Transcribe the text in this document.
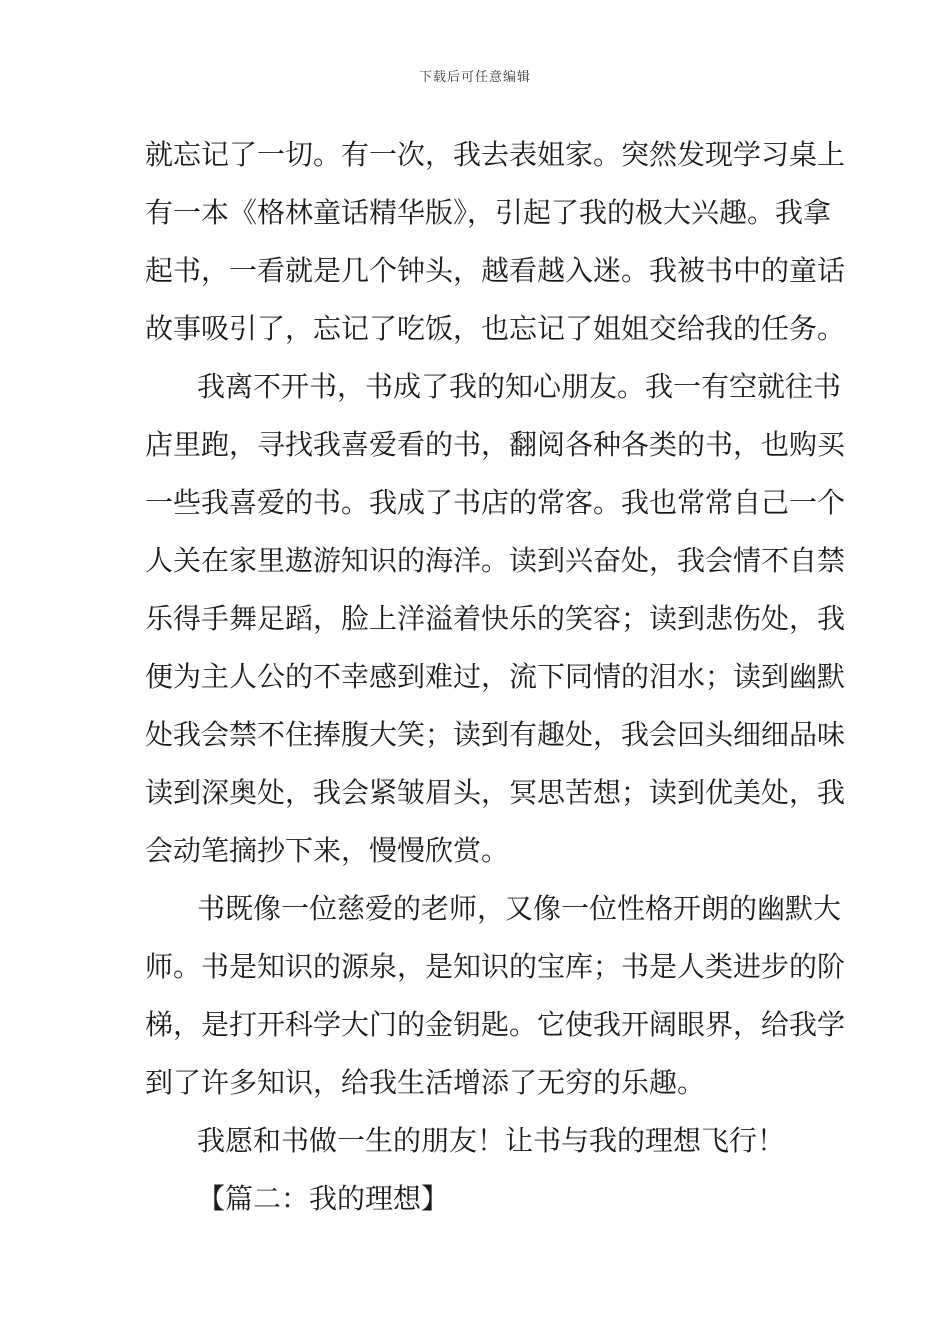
下载后可任意编辑
就忘记了一切。有一次，我去表姐家。突然发现学习桌上
有一本《格林童话精华版》，引起了我的极大兴趣。我拿
起书，一看就是几个钟头，越看越入迷。我被书中的童话
故事吸引了，忘记了吃饭，也忘记了姐姐交给我的任务。
我离不开书，书成了我的知心朋友。我一有空就往书
店里跑，寻找我喜爱看的书，翻阅各种各类的书，也购买
一些我喜爱的书。我成了书店的常客。我也常常自己一个
人关在家里遨游知识的海洋。读到兴奋处，我会情不自禁
乐得手舞足蹈，脸上洋溢着快乐的笑容；读到悲伤处，我
便为主人公的不幸感到难过，流下同情的泪水；读到幽默
处我会禁不住捧腹大笑；读到有趣处，我会回头细细品味
读到深奥处，我会紧皱眉头，冥思苦想；读到优美处，我
会动笔摘抄下来，慢慢欣赏。
书既像一位慈爱的老师，又像一位性格开朗的幽默大
师。书是知识的源泉，是知识的宝库；书是人类进步的阶
梯，是打开科学大门的金钥匙。它使我开阔眼界，给我学
到了许多知识，给我生活增添了无穷的乐趣。
我愿和书做一生的朋友！让书与我的理想飞行！
【篇二：我的理想】
